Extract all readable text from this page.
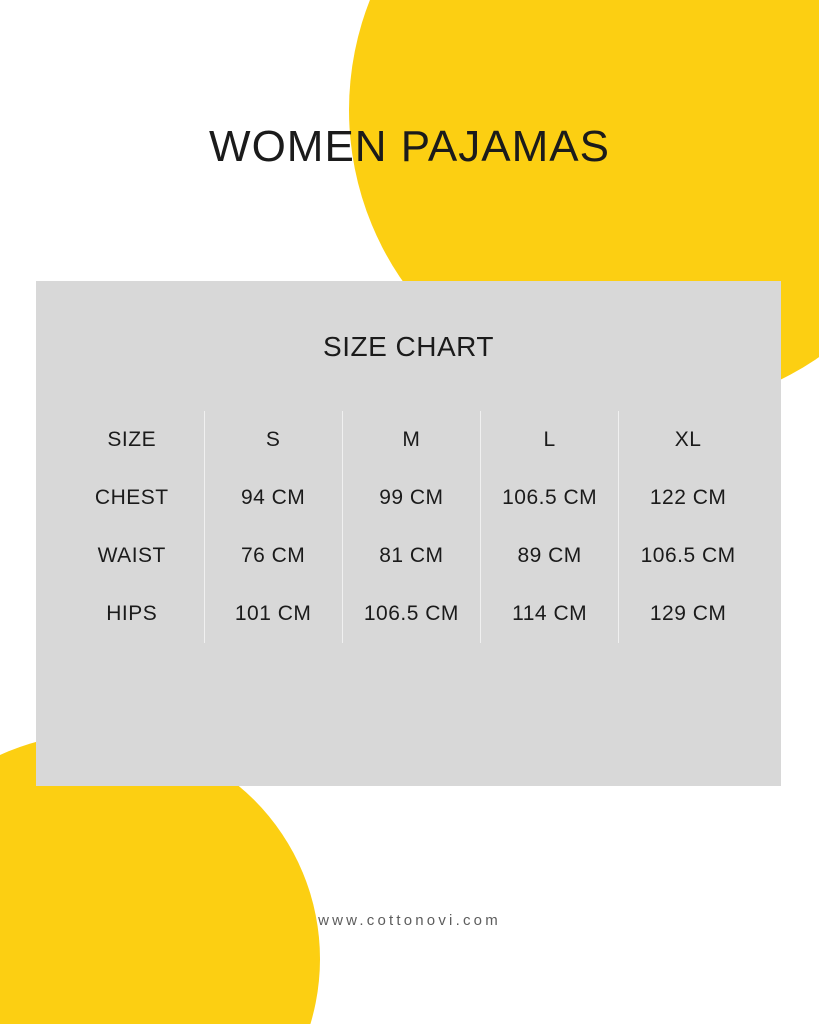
WOMEN PAJAMAS
SIZE CHART
SIZE	S	M	L	XL
CHEST	94 CM	99 CM	106.5 CM	122 CM
WAIST	76 CM	81 CM	89 CM	106.5 CM
HIPS	101 CM	106.5 CM	114 CM	129 CM
www.cottonovi.com
